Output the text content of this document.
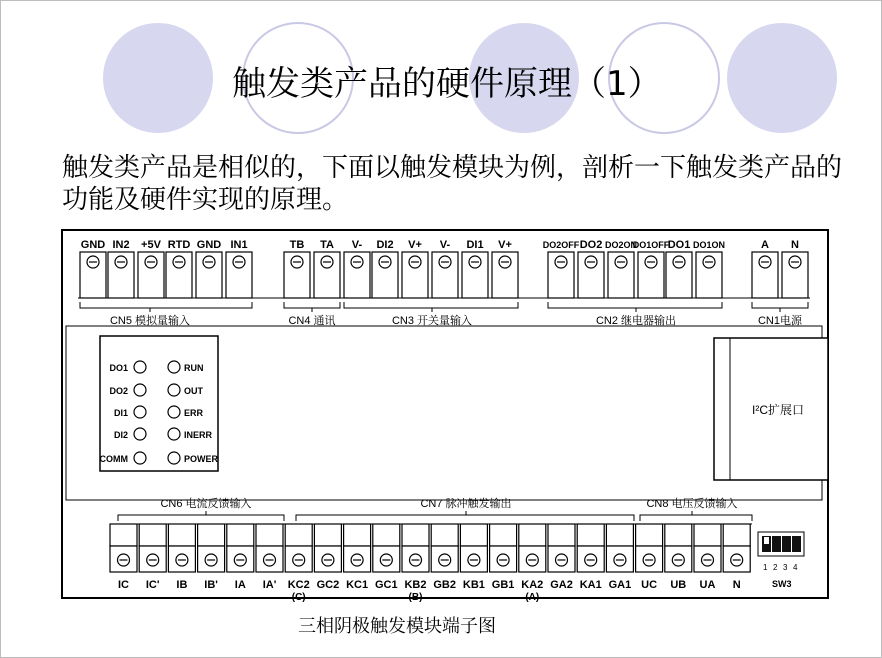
触发类产品的硬件原理（1）
触发类产品是相似的，下面以触发模块为例，剖析一下触发类产品的功能及硬件实现的原理。
I²C扩展口
GND IN2 +5V RTD GND IN1	TB TA V- DI2 V+ V- DI1 V+	DO2OFF DO2 DO2ON
DO1OFF
DO1 DO1ON	A N
CN5 模拟量输入	CN4 通讯	CN3 开关量输入	CN2 继电器输出	CN1电源
DO1
DO2
DI1
DI2
COMM
RUN
OUT
ERR
INERR
POWER
CN6 电流反馈输入	CN7 脉冲触发输出	CN8 电压反馈输入
IC IC' IB IB' IA IA' KC2 GC2 KC1 GC1 KB2 GB2 KB1 GB1 KA2 GA2 KA1 GA1 UC UB UA N
(C)	(B)	(A)
1 2 3 4
SW3
三相阴极触发模块端子图
